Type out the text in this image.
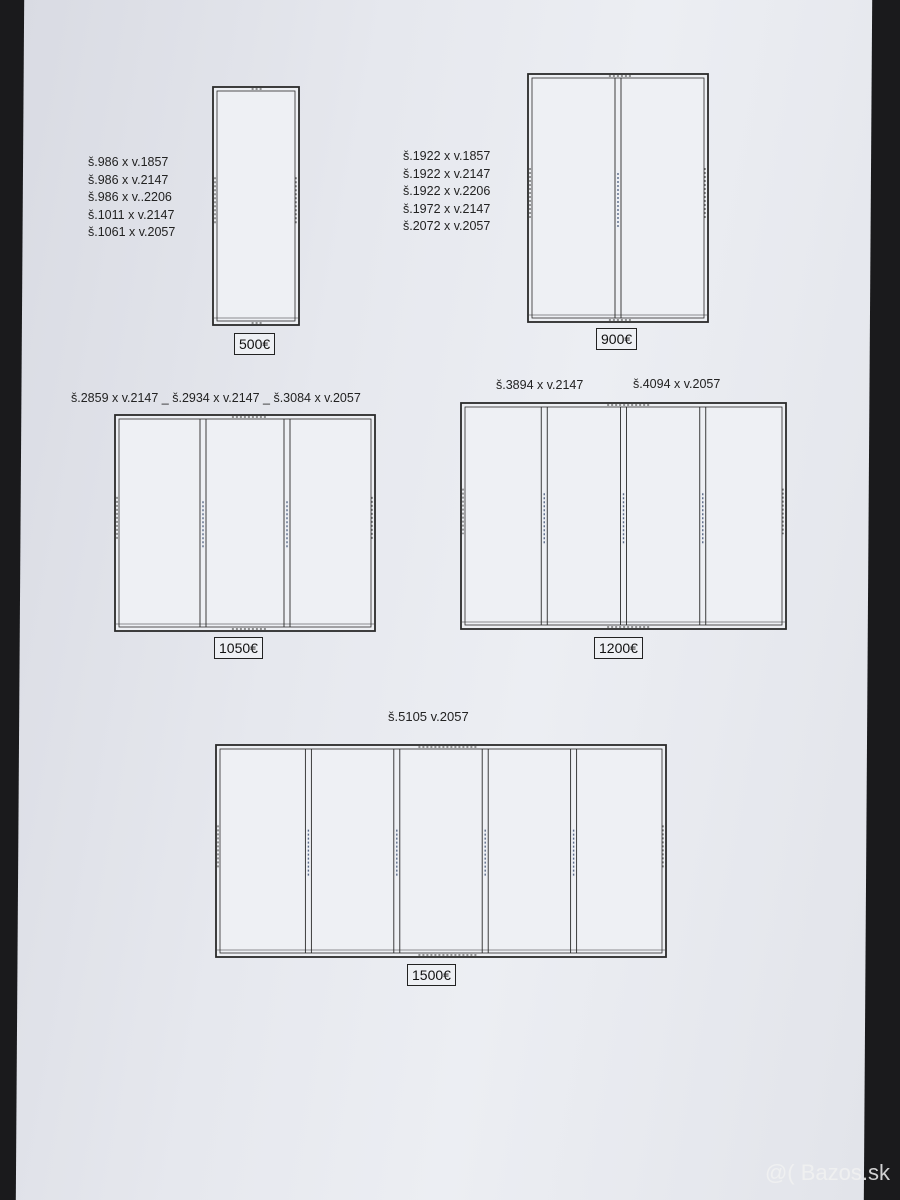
š.986 x v.1857
š.986 x v.2147
š.986 x v..2206
š.1011 x v.2147
š.1061 x v.2057
500€
š.1922 x v.1857
š.1922 x v.2147
š.1922 x v.2206
š.1972 x v.2147
š.2072 x v.2057
900€
š.2859 x v.2147 _ š.2934 x v.2147 _ š.3084 x v.2057
1050€
š.3894 x v.2147	š.4094 x v.2057
1200€
š.5105 v.2057
1500€
@( Bazos.sk
